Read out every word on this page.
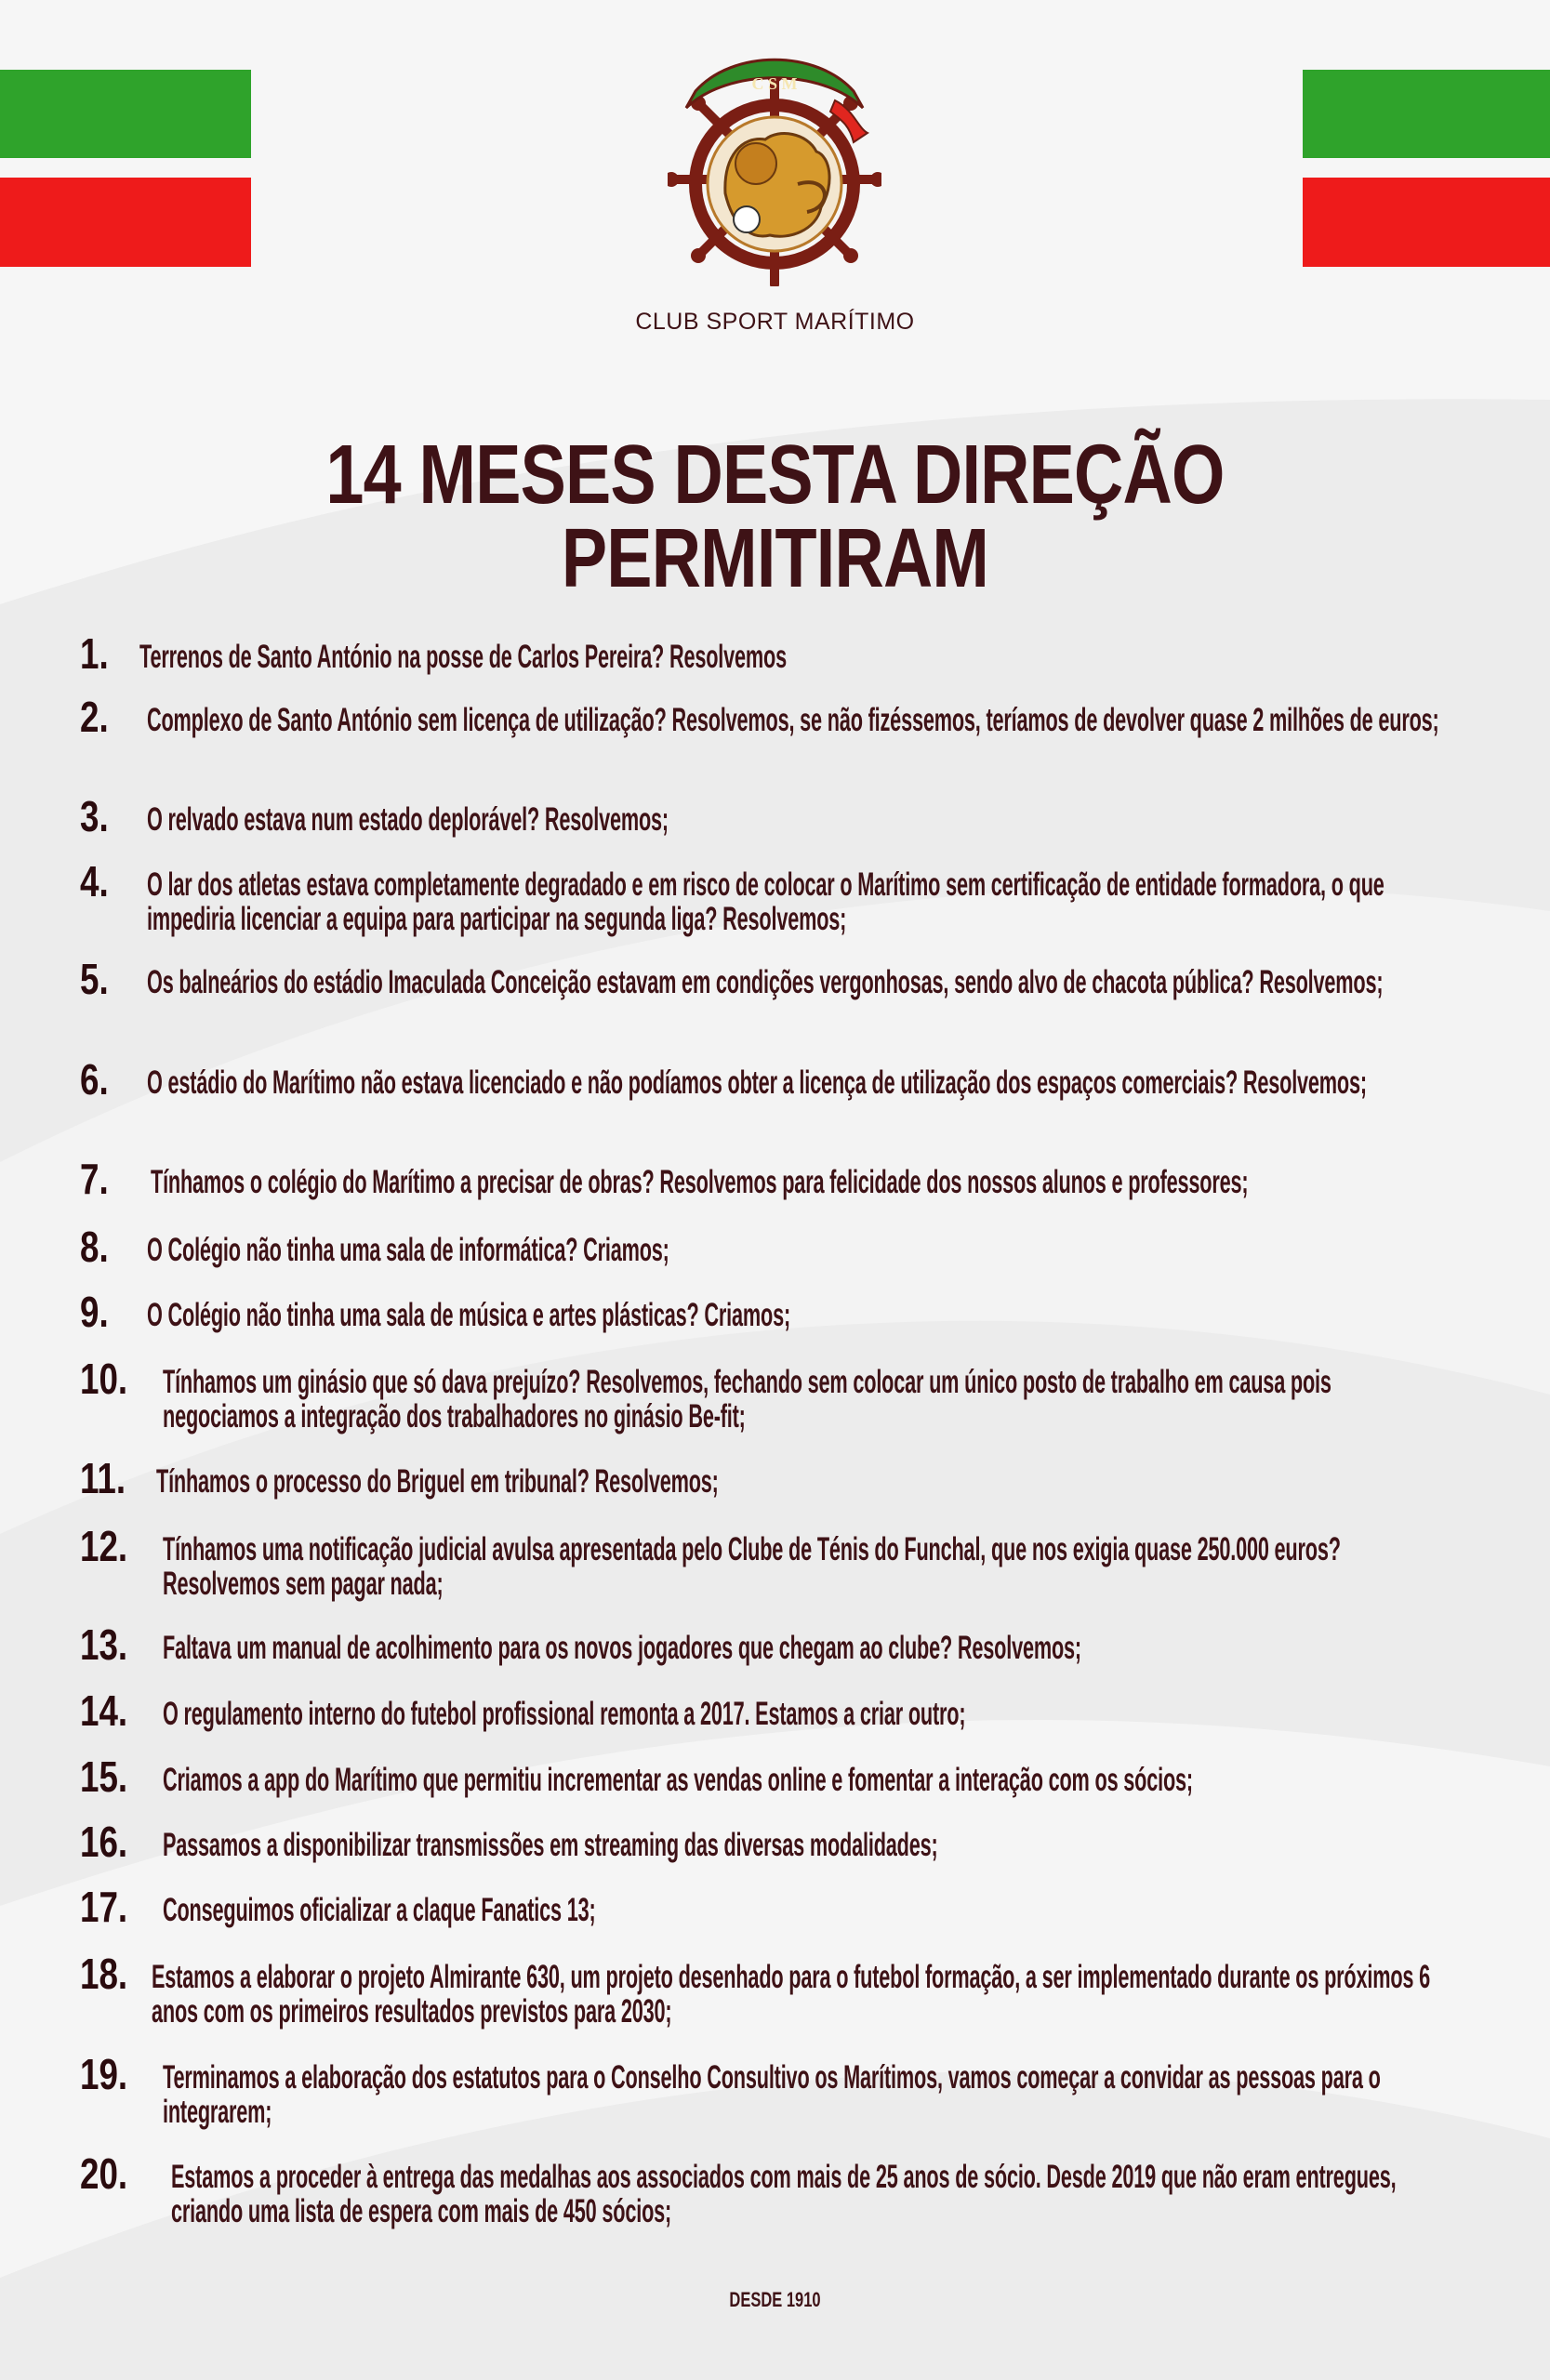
C S M
CLUB SPORT MARÍTIMO
14 MESES DESTA DIREÇÃO PERMITIRAM
1. Terrenos de Santo António na posse de Carlos Pereira? Resolvemos
2. Complexo de Santo António sem licença de utilização? Resolvemos, se não fizéssemos, teríamos de devolver quase 2 milhões de euros;
3. O relvado estava num estado deplorável? Resolvemos;
4. O lar dos atletas estava completamente degradado e em risco de colocar o Marítimo sem certificação de entidade formadora, o que impediria licenciar a equipa para participar na segunda liga? Resolvemos;
5. Os balneários do estádio Imaculada Conceição estavam em condições vergonhosas, sendo alvo de chacota pública? Resolvemos;
6. O estádio do Marítimo não estava licenciado e não podíamos obter a licença de utilização dos espaços comerciais? Resolvemos;
7. Tínhamos o colégio do Marítimo a precisar de obras? Resolvemos para felicidade dos nossos alunos e professores;
8. O Colégio não tinha uma sala de informática? Criamos;
9. O Colégio não tinha uma sala de música e artes plásticas? Criamos;
10. Tínhamos um ginásio que só dava prejuízo? Resolvemos, fechando sem colocar um único posto de trabalho em causa pois negociamos a integração dos trabalhadores no ginásio Be-fit;
11. Tínhamos o processo do Briguel em tribunal? Resolvemos;
12. Tínhamos uma notificação judicial avulsa apresentada pelo Clube de Ténis do Funchal, que nos exigia quase 250.000 euros? Resolvemos sem pagar nada;
13. Faltava um manual de acolhimento para os novos jogadores que chegam ao clube? Resolvemos;
14. O regulamento interno do futebol profissional remonta a 2017. Estamos a criar outro;
15. Criamos a app do Marítimo que permitiu incrementar as vendas online e fomentar a interação com os sócios;
16. Passamos a disponibilizar transmissões em streaming das diversas modalidades;
17. Conseguimos oficializar a claque Fanatics 13;
18. Estamos a elaborar o projeto Almirante 630, um projeto desenhado para o futebol formação, a ser implementado durante os próximos 6 anos com os primeiros resultados previstos para 2030;
19. Terminamos a elaboração dos estatutos para o Conselho Consultivo os Marítimos, vamos começar a convidar as pessoas para o integrarem;
20. Estamos a proceder à entrega das medalhas aos associados com mais de 25 anos de sócio. Desde 2019 que não eram entregues, criando uma lista de espera com mais de 450 sócios;
DESDE 1910
